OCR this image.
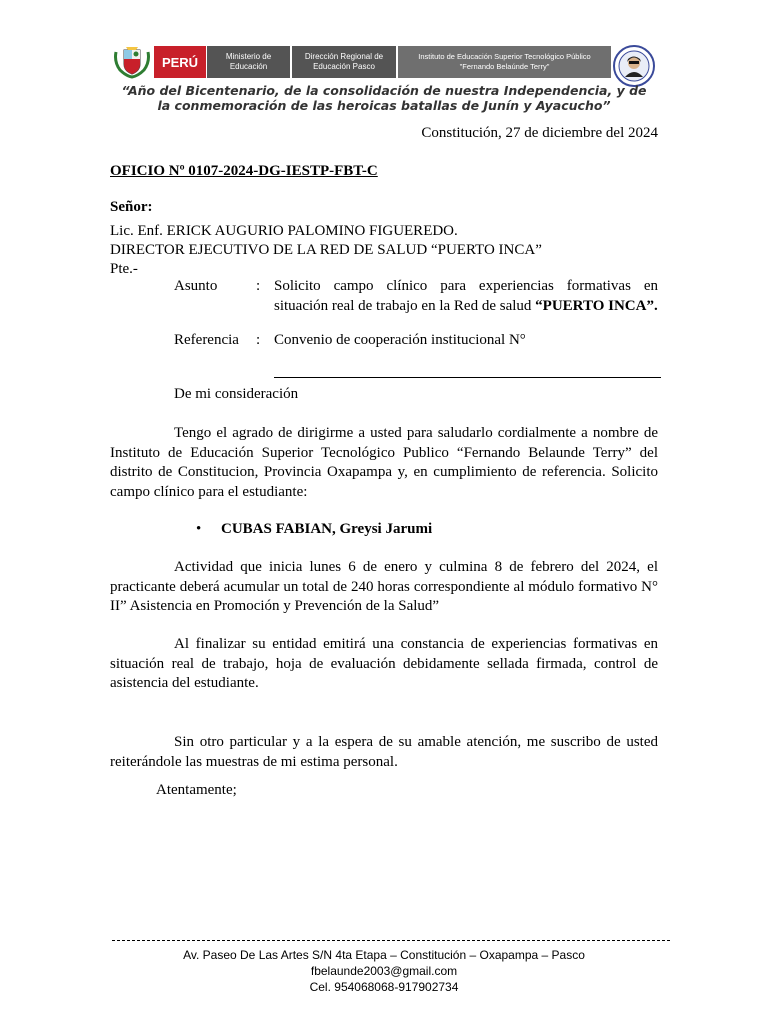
PERÚ	Ministerio de
Educación
Dirección Regional de
Educación Pasco
Instituto de Educación Superior Tecnológico Público
"Fernando Belaúnde Terry"
“Año del Bicentenario, de la consolidación de nuestra Independencia, y de
la conmemoración de las heroicas batallas de Junín y Ayacucho”
Constitución, 27 de diciembre del 2024
OFICIO Nº 0107-2024-DG-IESTP-FBT-C
Señor:
Lic. Enf. ERICK AUGURIO PALOMINO FIGUEREDO.
DIRECTOR EJECUTIVO DE LA RED DE SALUD “PUERTO INCA”
Pte.-
Asunto	: Solicito campo clínico para experiencias formativas en situación real de trabajo en la Red de salud “PUERTO INCA”.
Referencia : Convenio de cooperación institucional N°
De mi consideración
Tengo el agrado de dirigirme a usted para saludarlo cordialmente a nombre de Instituto de Educación Superior Tecnológico Publico “Fernando Belaunde Terry” del distrito de Constitucion, Provincia Oxapampa y, en cumplimiento de referencia. Solicito campo clínico para el estudiante:
• CUBAS FABIAN, Greysi Jarumi
Actividad que inicia lunes 6 de enero y culmina 8 de febrero del 2024, el practicante deberá acumular un total de 240 horas correspondiente al módulo formativo N° II” Asistencia en Promoción y Prevención de la Salud”
Al finalizar su entidad emitirá una constancia de experiencias formativas en situación real de trabajo, hoja de evaluación debidamente sellada firmada, control de asistencia del estudiante.
Sin otro particular y a la espera de su amable atención, me suscribo de usted reiterándole las muestras de mi estima personal.
Atentamente;
Av. Paseo De Las Artes S/N 4ta Etapa – Constitución – Oxapampa – Pasco
fbelaunde2003@gmail.com
Cel. 954068068-917902734
